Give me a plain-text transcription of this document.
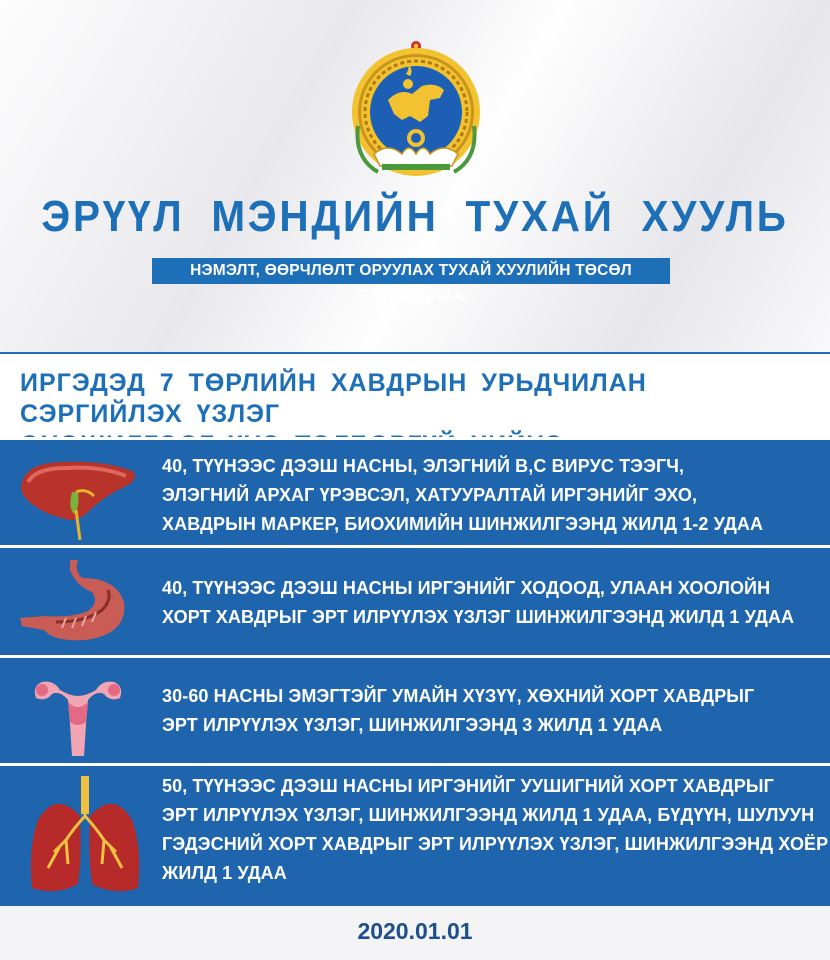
ЭРҮҮЛ МЭНДИЙН ТУХАЙ ХУУЛЬ
НЭМЭЛТ, ӨӨРЧЛӨЛТ ОРУУЛАХ ТУХАЙ ХУУЛИЙН ТӨСӨЛ БАТЛАГДЛАА
ИРГЭДЭД 7 ТӨРЛИЙН ХАВДРЫН УРЬДЧИЛАН СЭРГИЙЛЭХ ҮЗЛЭГ
40, ТҮҮНЭЭС ДЭЭШ НАСНЫ, ЭЛЭГНИЙ В,С ВИРУС ТЭЭГЧ,
ЭЛЭГНИЙ АРХАГ ҮРЭВСЭЛ, ХАТУУРАЛТАЙ ИРГЭНИЙГ ЭХО,
ХАВДРЫН МАРКЕР, БИОХИМИЙН ШИНЖИЛГЭЭНД ЖИЛД 1-2 УДАА
40, ТҮҮНЭЭС ДЭЭШ НАСНЫ ИРГЭНИЙГ ХОДООД, УЛААН ХООЛОЙН
ХОРТ ХАВДРЫГ ЭРТ ИЛРҮҮЛЭХ ҮЗЛЭГ ШИНЖИЛГЭЭНД ЖИЛД 1 УДАА
30-60 НАСНЫ ЭМЭГТЭЙГ УМАЙН ХҮЗҮҮ, ХӨХНИЙ ХОРТ ХАВДРЫГ
ЭРТ ИЛРҮҮЛЭХ ҮЗЛЭГ, ШИНЖИЛГЭЭНД 3 ЖИЛД 1 УДАА
50, ТҮҮНЭЭС ДЭЭШ НАСНЫ ИРГЭНИЙГ УУШИГНИЙ ХОРТ ХАВДРЫГ
ЭРТ ИЛРҮҮЛЭХ ҮЗЛЭГ, ШИНЖИЛГЭЭНД ЖИЛД 1 УДАА, БҮДҮҮН, ШУЛУУН
ГЭДЭСНИЙ ХОРТ ХАВДРЫГ ЭРТ ИЛРҮҮЛЭХ ҮЗЛЭГ, ШИНЖИЛГЭЭНД ХОЁР
ЖИЛД 1 УДАА
2020.01.01
